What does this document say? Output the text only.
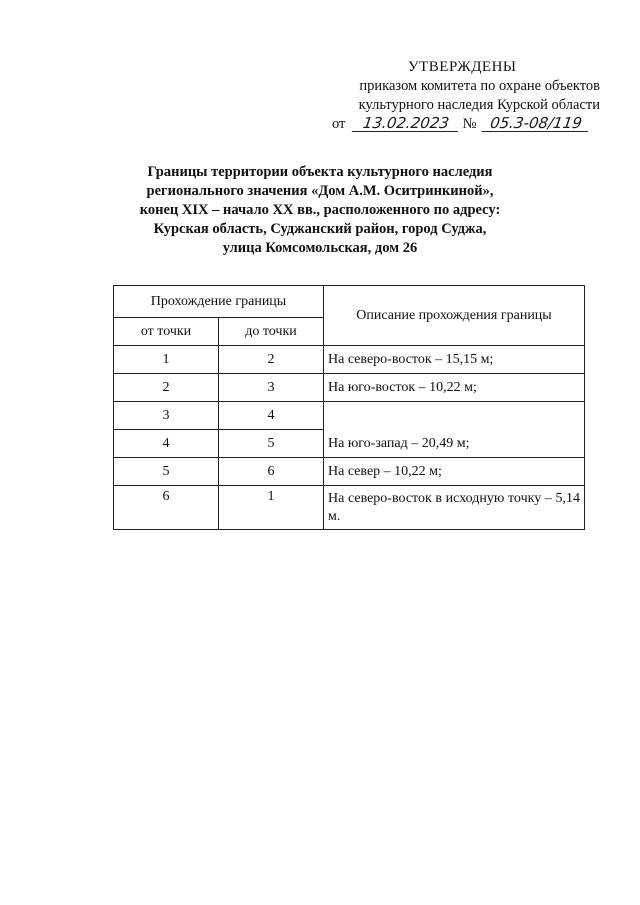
УТВЕРЖДЕНЫ
приказом комитета по охране объектов
культурного наследия Курской области
от 13.02.2023 № 05.3-08/119
Границы территории объекта культурного наследия
регионального значения «Дом А.М. Оситринкиной»,
конец XIX – начало XX вв., расположенного по адресу:
Курская область, Суджанский район, город Суджа,
улица Комсомольская, дом 26
Прохождение границы		Описание прохождения границы
от точки	до точки	
1	2	На северо-восток – 15,15 м;
2	3	На юго-восток – 10,22 м;
3	4	На юго-запад – 20,49 м;
4	5	
5	6	На север – 10,22 м;
6	1	На северо-восток в исходную точку – 5,14 м.
